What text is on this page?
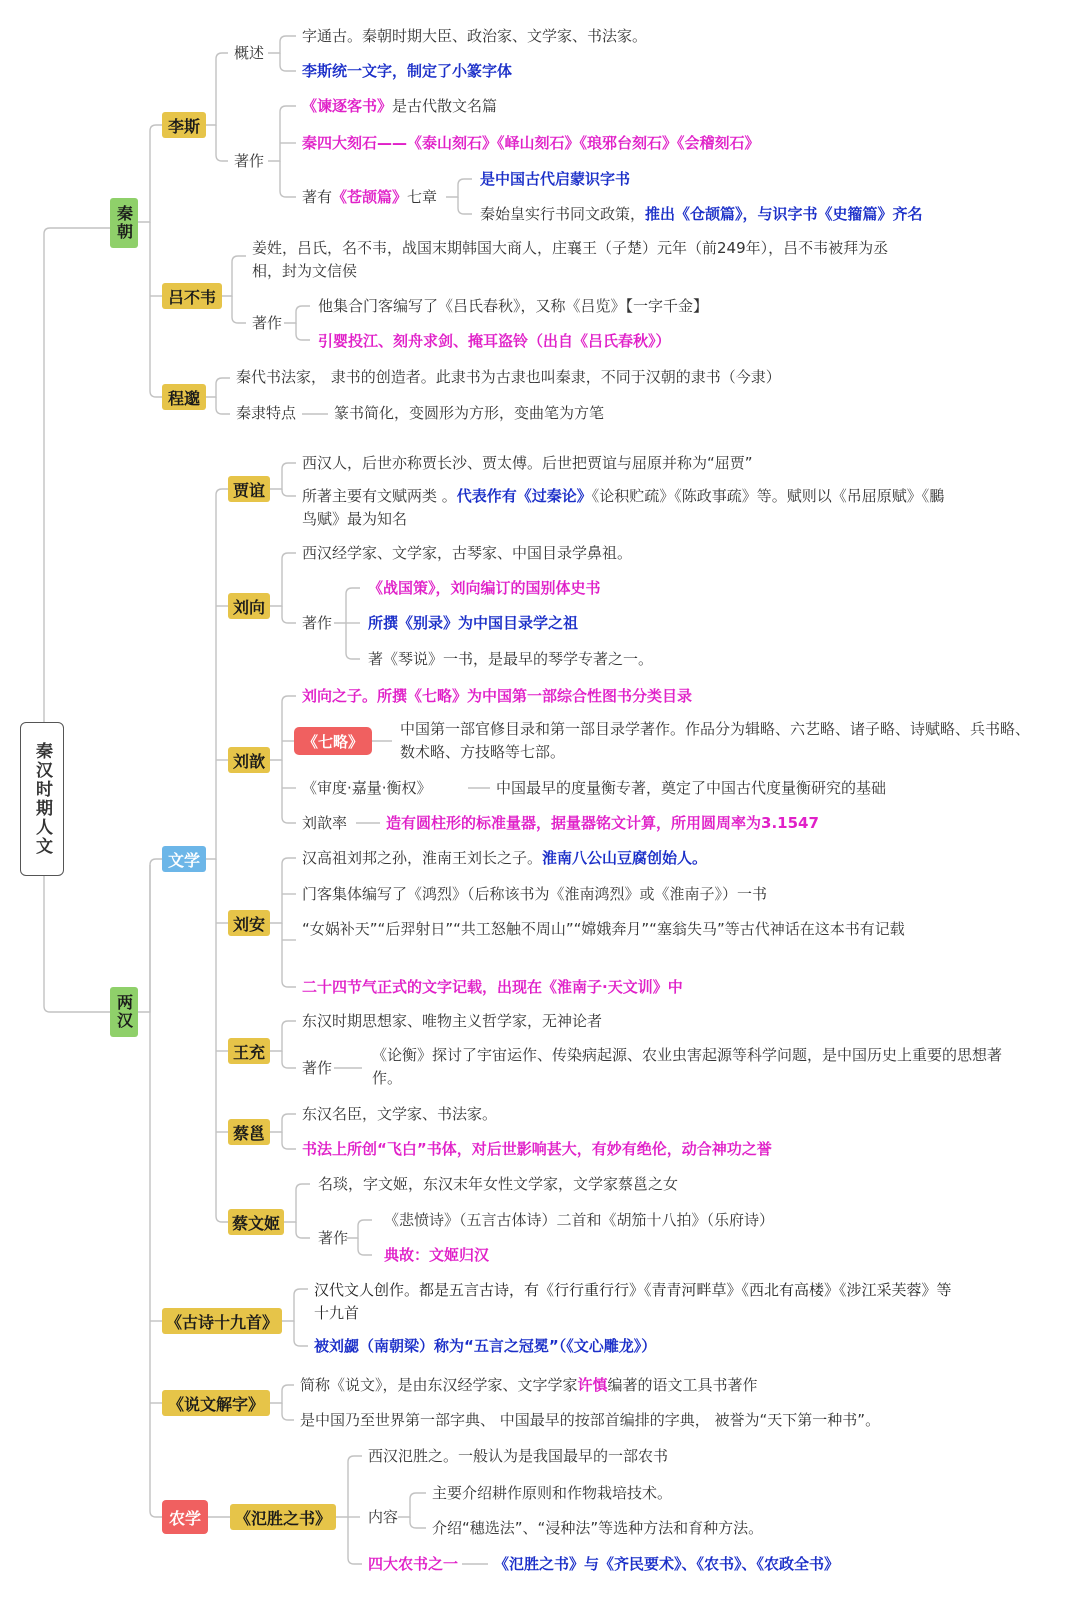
秦汉时期人文
秦朝
李斯
概述
字通古。秦朝时期大臣、政治家、文学家、书法家。
李斯统一文字，制定了小篆字体
著作
《谏逐客书》是古代散文名篇
秦四大刻石——《泰山刻石》《峄山刻石》《琅邪台刻石》《会稽刻石》
著有《苍颉篇》七章
是中国古代启蒙识字书
秦始皇实行书同文政策，推出《仓颉篇》，与识字书《史籀篇》齐名
吕不韦
姜姓，吕氏，名不韦，战国末期韩国大商人，庄襄王（子楚）元年（前249年），吕不韦被拜为丞相，封为文信侯
著作
他集合门客编写了《吕氏春秋》，又称《吕览》【一字千金】
引婴投江、刻舟求剑、掩耳盗铃（出自《吕氏春秋》）
程邈
秦代书法家， 隶书的创造者。此隶书为古隶也叫秦隶，不同于汉朝的隶书（今隶）
秦隶特点	篆书简化，变圆形为方形，变曲笔为方笔
两汉
文学
贾谊
西汉人，后世亦称贾长沙、贾太傅。后世把贾谊与屈原并称为“屈贾”
所著主要有文赋两类 。代表作有《过秦论》《论积贮疏》《陈政事疏》等。赋则以《吊屈原赋》《鵩鸟赋》最为知名
刘向
西汉经学家、文学家，古琴家、中国目录学鼻祖。
著作
《战国策》，刘向编订的国别体史书
所撰《别录》为中国目录学之祖
著《琴说》一书，是最早的琴学专著之一。
刘歆
刘向之子。所撰《七略》为中国第一部综合性图书分类目录
《七略》
中国第一部官修目录和第一部目录学著作。作品分为辑略、六艺略、诸子略、诗赋略、兵书略、数术略、方技略等七部。
《审度·嘉量·衡权》	中国最早的度量衡专著，奠定了中国古代度量衡研究的基础
刘歆率	造有圆柱形的标准量器，据量器铭文计算，所用圆周率为3.1547
刘安
汉高祖刘邦之孙，淮南王刘长之子。淮南八公山豆腐创始人。
门客集体编写了《鸿烈》（后称该书为《淮南鸿烈》或《淮南子》）一书
“女娲补天”“后羿射日”“共工怒触不周山”“嫦娥奔月”“塞翁失马”等古代神话在这本书有记载
二十四节气正式的文字记载，出现在《淮南子·天文训》中
王充
东汉时期思想家、唯物主义哲学家，无神论者
著作
《论衡》探讨了宇宙运作、传染病起源、农业虫害起源等科学问题，是中国历史上重要的思想著作。
蔡邕
东汉名臣，文学家、书法家。
书法上所创“飞白”书体，对后世影响甚大，有妙有绝伦，动合神功之誉
蔡文姬
名琰，字文姬，东汉末年女性文学家，文学家蔡邕之女
著作
《悲愤诗》（五言古体诗）二首和《胡笳十八拍》（乐府诗）
典故：文姬归汉
《古诗十九首》
汉代文人创作。都是五言古诗，有《行行重行行》《青青河畔草》《西北有高楼》《涉江采芙蓉》等十九首
被刘勰（南朝梁）称为“五言之冠冕”（《文心雕龙》）
《说文解字》
简称《说文》，是由东汉经学家、文字学家许慎编著的语文工具书著作
是中国乃至世界第一部字典、 中国最早的按部首编排的字典， 被誉为“天下第一种书”。
农学	《氾胜之书》
西汉氾胜之。一般认为是我国最早的一部农书
内容
主要介绍耕作原则和作物栽培技术。
介绍“穗选法”、“浸种法”等选种方法和育种方法。
四大农书之一 《氾胜之书》与《齐民要术》、《农书》、《农政全书》
